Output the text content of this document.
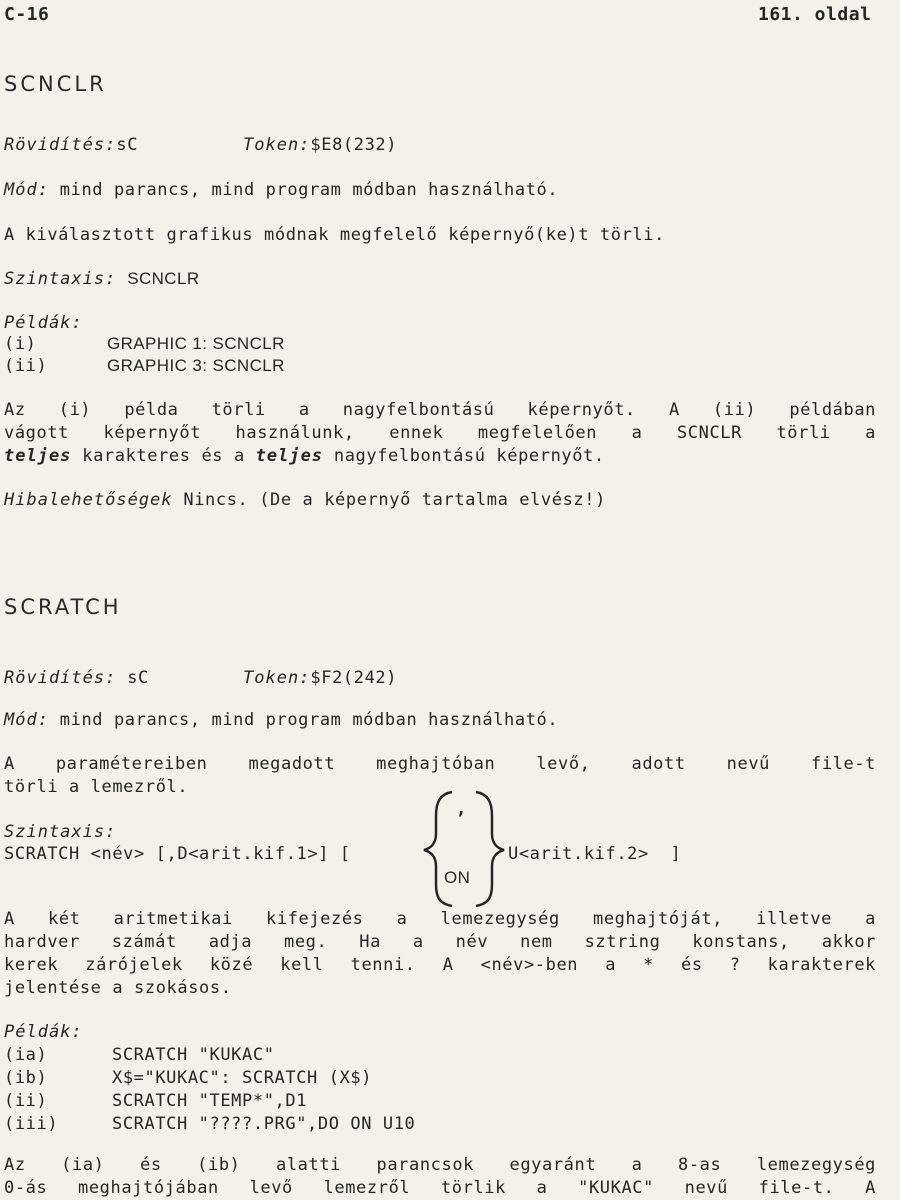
C-16	161. oldal
SCNCLR
Rövidítés:sC	Token:$E8(232)
Mód: mind parancs, mind program módban használható.
A kiválasztott grafikus módnak megfelelő képernyő(ke)t törli.
Szintaxis: SCNCLR
Példák:
(i)	GRAPHIC 1: SCNCLR
(ii)	GRAPHIC 3: SCNCLR
Az (i) példa törli a nagyfelbontású képernyőt. A (ii) példában
vágott képernyőt használunk, ennek megfelelően a SCNCLR törli a
teljes karakteres és a teljes nagyfelbontású képernyőt.
Hibalehetőségek Nincs. (De a képernyő tartalma elvész!)
SCRATCH
Rövidítés: sC	Token:$F2(242)
Mód: mind parancs, mind program módban használható.
A paramétereiben megadott meghajtóban levő, adott nevű file-t
törli a lemezről.
Szintaxis:
SCRATCH <név> [,D<arit.kif.1>] [
,
ON
U<arit.kif.2>  ]
A két aritmetikai kifejezés a lemezegység meghajtóját, illetve a
hardver számát adja meg. Ha a név nem sztring konstans, akkor
kerek zárójelek közé kell tenni. A <név>-ben a * és ? karakterek
jelentése a szokásos.
Példák:
(ia)	SCRATCH "KUKAC"
(ib)	X$="KUKAC": SCRATCH (X$)
(ii)	SCRATCH "TEMP*",D1
(iii)	SCRATCH "????.PRG",DO ON U10
Az (ia) és (ib) alatti parancsok egyaránt a 8-as lemezegység
0-ás meghajtójában levő lemezről törlik a "KUKAC" nevű file-t. A
